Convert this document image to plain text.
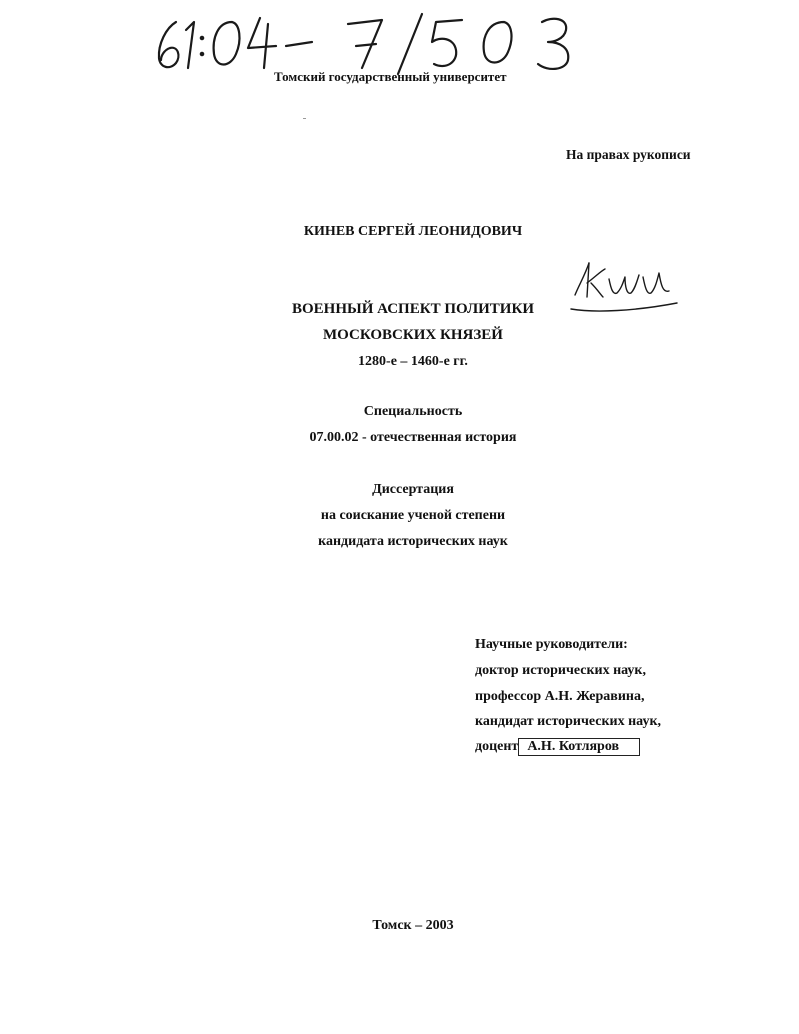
Томский государственный университет
На правах рукописи
КИНЕВ СЕРГЕЙ ЛЕОНИДОВИЧ
ВОЕННЫЙ АСПЕКТ ПОЛИТИКИ
МОСКОВСКИХ КНЯЗЕЙ
1280-е – 1460-е гг.
Специальность
07.00.02 - отечественная история
Диссертация
на соискание ученой степени
кандидата исторических наук
Научные руководители:
доктор исторических наук,
профессор А.Н. Жеравина,
кандидат исторических наук,
доцент А.Н. Котляров
Томск – 2003
